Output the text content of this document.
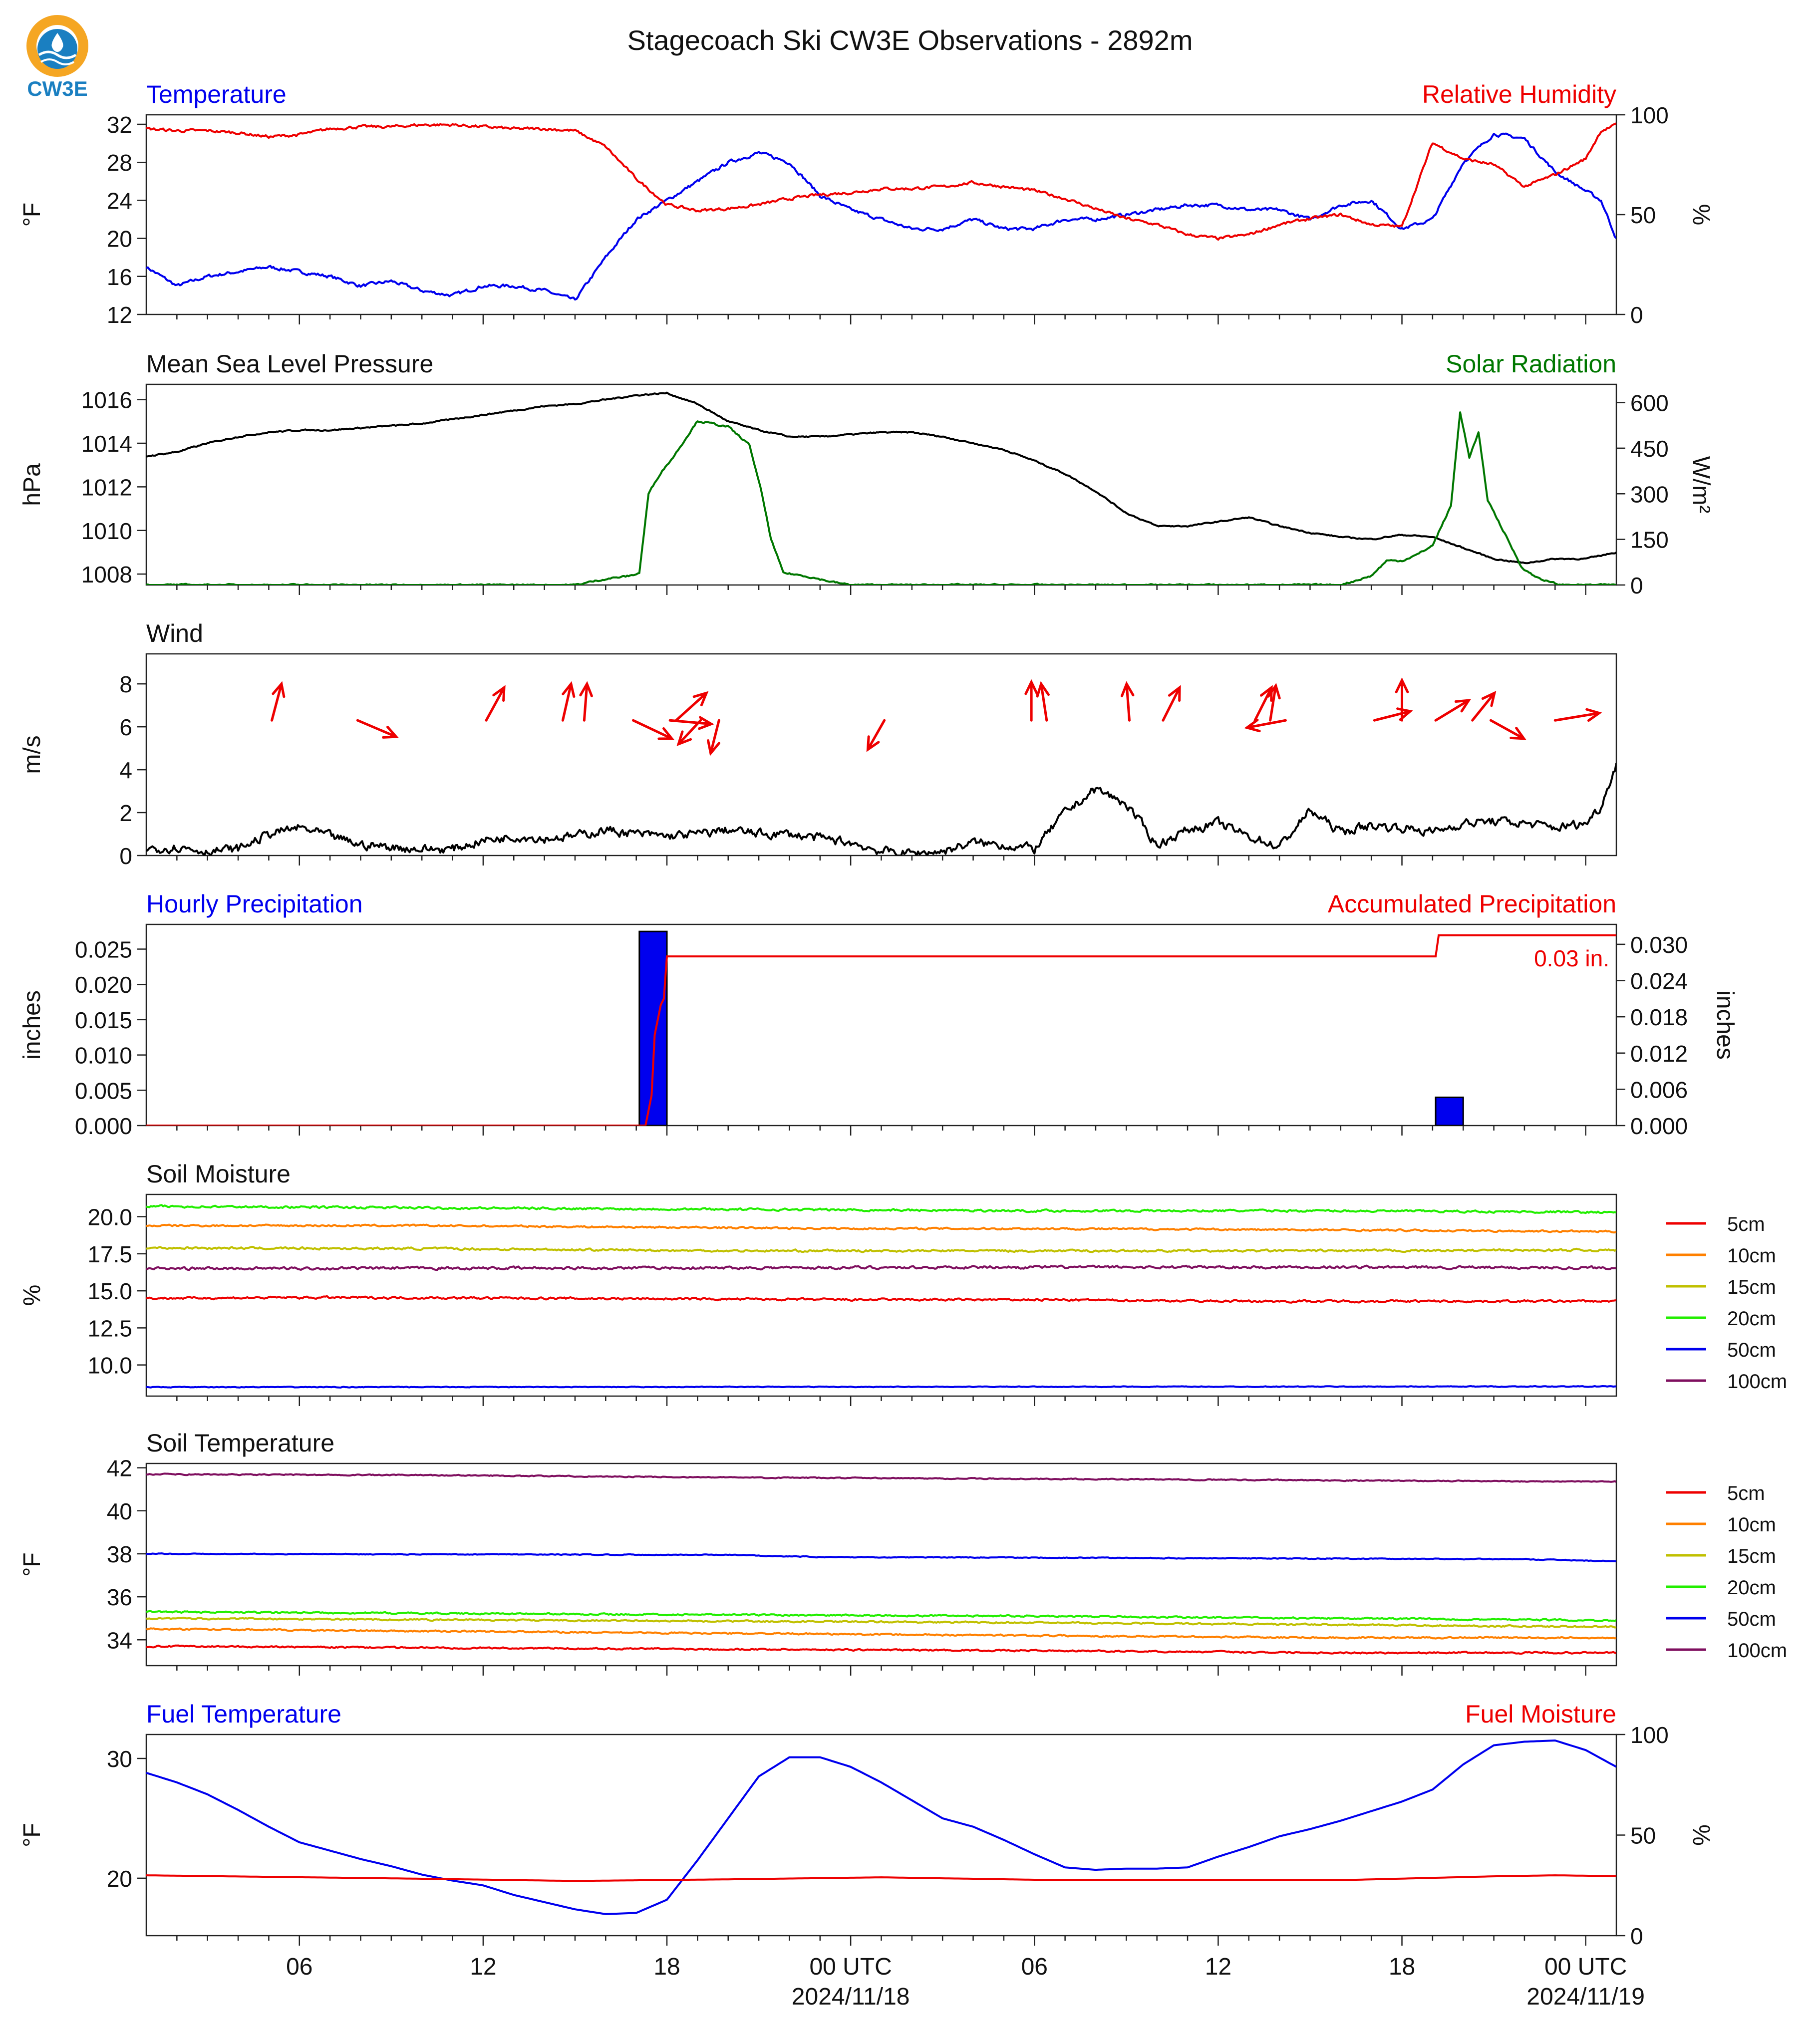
CW3E
Stagecoach Ski CW3E Observations - 2892m
12
16
20
24
28
32
0
50
100
Temperature	Relative Humidity
°F	%
1008
1010
1012
1014
1016
0
150
300
450
600
Mean Sea Level Pressure	Solar Radiation
hPa	W/m²
0
2
4
6
8
Wind
m/s
0.000
0.005
0.010
0.015
0.020
0.025
0.000
0.006
0.012
0.018
0.024
0.030
Hourly Precipitation	Accumulated Precipitation
inches	inches
0.03 in.
10.0
12.5
15.0
17.5
20.0
Soil Moisture
%
5cm
10cm
15cm
20cm
50cm
100cm
34
36
38
40
42
Soil Temperature
°F
5cm
10cm
15cm
20cm
50cm
100cm
20
30
0
50
100
Fuel Temperature	Fuel Moisture
°F	%
06	12	18	00 UTC	06	12	18	00 UTC
2024/11/18	2024/11/19
